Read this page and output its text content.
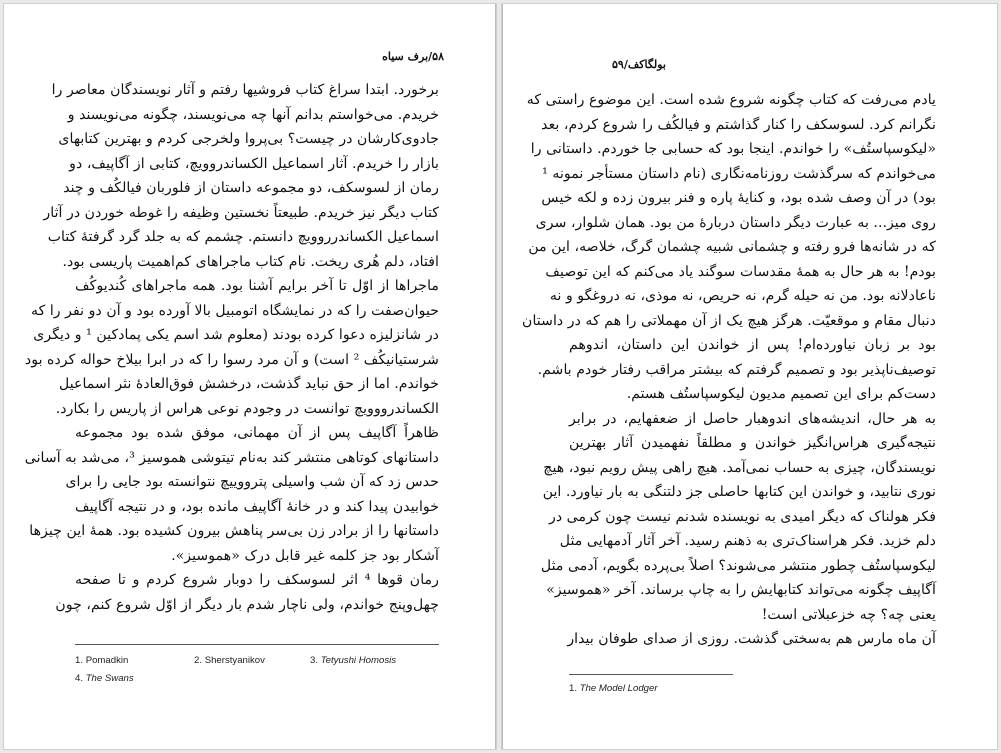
۵۸/برف سیاه
برخورد. ابتدا سراغ کتاب فروشیها رفتم و آثار نویسندگان معاصر را
خریدم. می‌خواستم بدانم آنها چه می‌نویسند، چگونه می‌نویسند و
جادوی‌کارشان در چیست؟ بی‌پروا ولخرجی کردم و بهترین کتابهای
بازار را خریدم. آثار اسماعیل الکساندروویچ، کتابی از آگاپیف، دو
رمان از لسوسکف، دو مجموعه داستان از فلوربان فیالکُف و چند
کتاب دیگر نیز خریدم. طبیعتاً نخستین وظیفه را غوطه خوردن در آثار
اسماعیل الکساندرروویچ دانستم. چشمم که به جلد گرد گرفتهٔ کتاب
افتاد، دلم هُری ریخت. نام کتاب ماجراهای کم‌اهمیت پاریسی بود.
ماجراها از اوّل تا آخر برایم آشنا بود. همه ماجراهای کُندیوکُف
حیوان‌صفت را که در نمایشگاه اتومبیل بالا آورده بود و آن دو نفر را که
در شانزلیزه دعوا کرده بودند (معلوم شد اسم یکی پمادکین ¹ و دیگری
شرستیانیکُف ² است) و آن مرد رسوا را که در ابرا بیلاخ حواله کرده بود
خواندم. اما از حق نباید گذشت، درخشش فوق‌العادهٔ نثر اسماعیل
الکساندرووویچ توانست در وجودم نوعی هراس از پاریس را بکارد.
ظاهراً آگاپیف پس از آن مهمانی، موفق شده بود مجموعه
داستانهای کوتاهی منتشر کند به‌نام تیتوشی هموسیز ³، می‌شد به آسانی
حدس زد که آن شب واسیلی پترووییچ نتوانسته بود جایی را برای
خوابیدن پیدا کند و در خانهٔ آگاپیف مانده بود، و در نتیجه آگاپیف
داستانها را از برادر زن بی‌سر پناهش بیرون کشیده بود. همهٔ این چیزها
آشکار بود جز کلمه غیر قابل درک «هموسیز».
رمان قوها ⁴ اثر لسوسکف را دوبار شروع کردم و تا صفحه
چهل‌وپنج خواندم، ولی ناچار شدم بار دیگر از اوّل شروع کنم، چون
1. Pomadkin	2. Sherstyanikov	3. Tetyushi Homosis
4. The Swans
بولگاکف/۵۹
یادم می‌رفت که کتاب چگونه شروع شده است. این موضوع راستی که
نگرانم کرد. لسوسکف را کنار گذاشتم و فیالکُف را شروع کردم، بعد
«لیکوسپاستُف» را خواندم. اینجا بود که حسابی جا خوردم. داستانی را
می‌خواندم که سرگذشت روزنامه‌نگاری (نام داستان مستأجر نمونه ¹
بود) در آن وصف شده بود، و کنایهٔ پاره و فنر بیرون زده و لکه خیس
روی میز... به عبارت دیگر داستان دربارهٔ من بود. همان شلوار، سری
که در شانه‌ها فرو رفته و چشمانی شبیه چشمان گرگ، خلاصه، این من
بودم! به هر حال به همهٔ مقدسات سوگند یاد می‌کنم که این توصیف
ناعادلانه بود. من نه حیله گرم، نه حریص، نه موذی، نه دروغگو و نه
دنبال مقام و موقعیّت. هرگز هیچ یک از آن مهملاتی را هم که در داستان
بود بر زبان نیاورده‌ام! پس از خواندن این داستان، اندوهم
توصیف‌ناپذیر بود و تصمیم گرفتم که بیشتر مراقب رفتار خودم باشم.
دست‌کم برای این تصمیم مدیون لیکوسپاستُف هستم.
به هر حال، اندیشه‌های اندوهبار حاصل از ضعفهایم، در برابر
نتیجه‌گیری هراس‌انگیز خواندن و مطلقاً نفهمیدن آثار بهترین
نویسندگان، چیزی به حساب نمی‌آمد. هیچ راهی پیش رویم نبود، هیچ
نوری نتابید، و خواندن این کتابها حاصلی جز دلتنگی به بار نیاورد. این
فکر هولناک که دیگر امیدی به نویسنده شدنم نیست چون کرمی در
دلم خزید. فکر هراسناک‌تری به ذهنم رسید. آخر آثار آدمهایی مثل
لیکوسپاستُف چطور منتشر می‌شوند؟ اصلاً بی‌پرده بگویم، آدمی مثل
آگاپیف چگونه می‌تواند کتابهایش را به چاپ برساند. آخر «هموسیز»
یعنی چه؟ چه خزعبلاتی است!
آن ماه مارس هم به‌سختی گذشت. روزی از صدای طوفان بیدار
1. The Model Lodger
